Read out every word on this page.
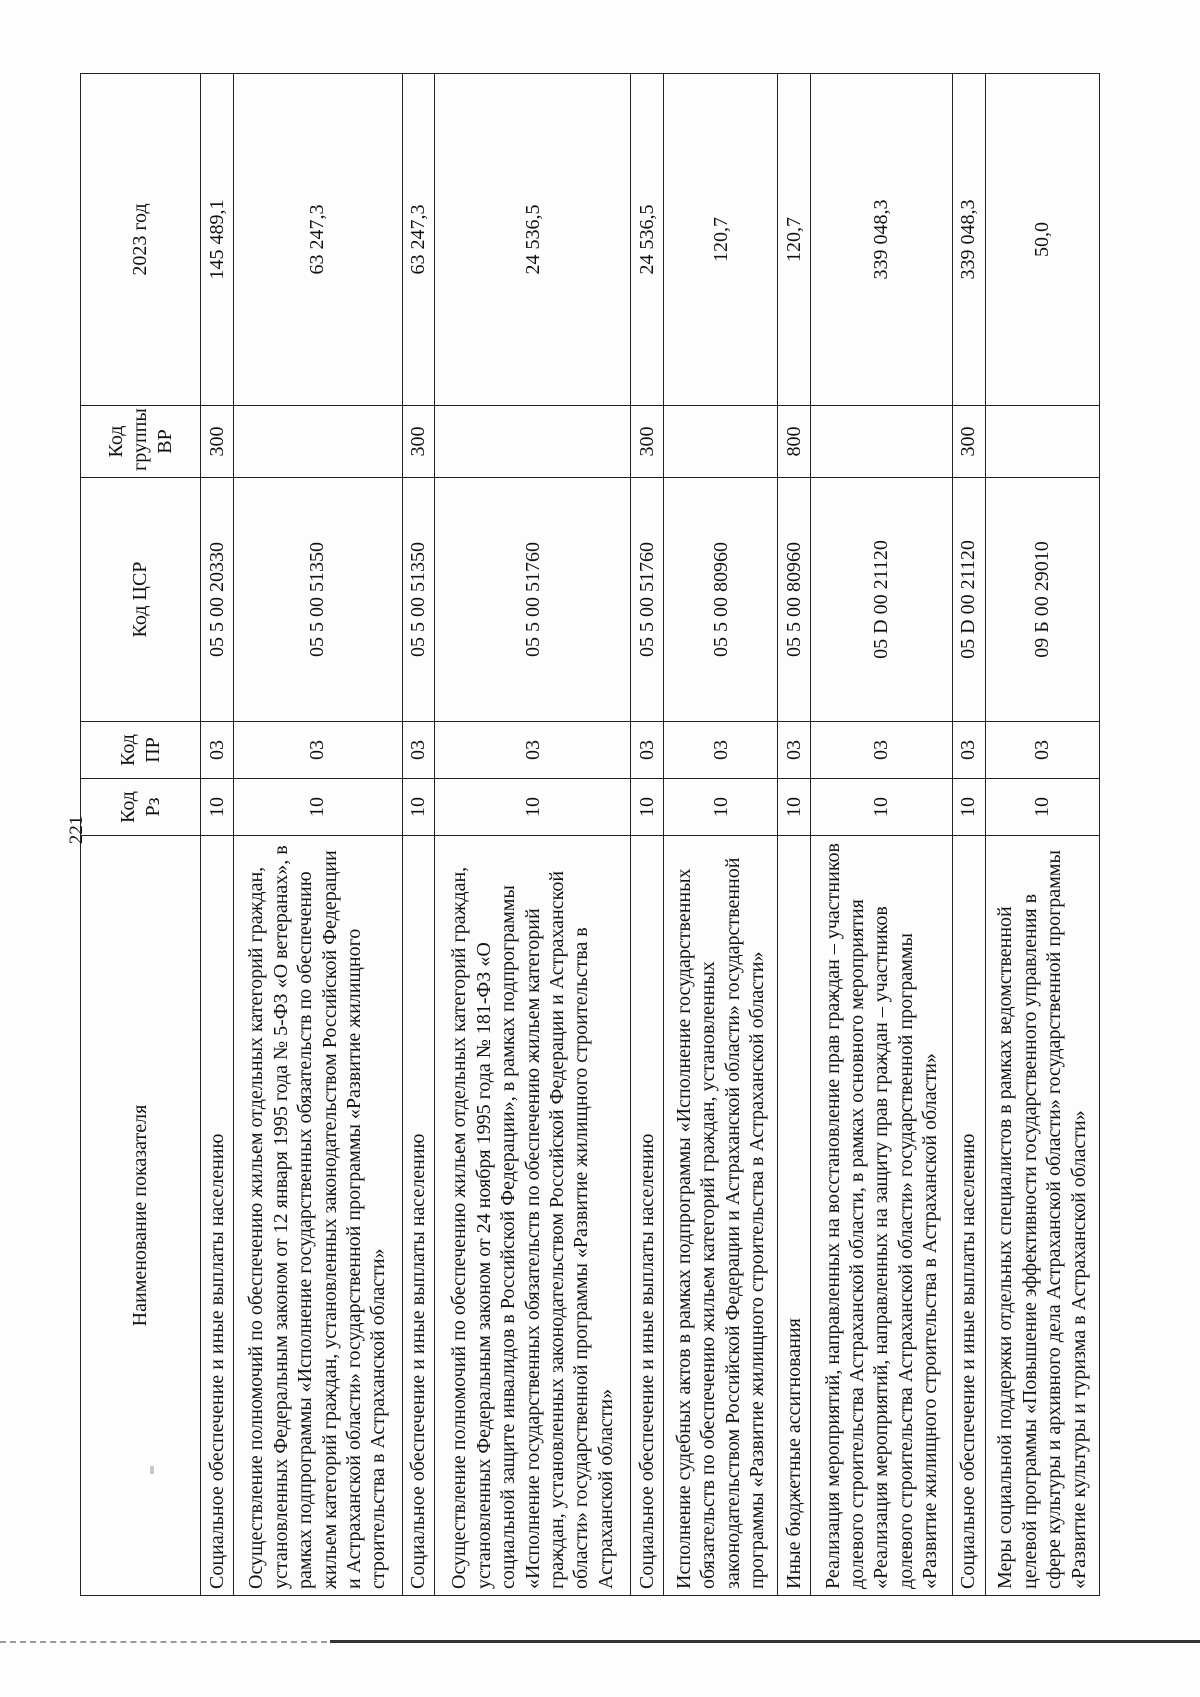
221
Наименование показателя	Код Рз	Код ПР	Код ЦСР	Код группы ВР	2023 год
Социальное обеспечение и иные выплаты населению	10	03	05 5 00 20330	300	145 489,1
Осуществление полномочий по обеспечению жильем отдельных категорий граждан, установленных Федеральным законом от 12 января 1995 года № 5-ФЗ «О ветеранах», в рамках подпрограммы «Исполнение государственных обязательств по обеспечению жильем категорий граждан, установленных законодательством Российской Федерации и Астраханской области» государственной программы «Развитие жилищного строительства в Астраханской области»	10	03	05 5 00 51350		63 247,3
Социальное обеспечение и иные выплаты населению	10	03	05 5 00 51350	300	63 247,3
Осуществление полномочий по обеспечению жильем отдельных категорий граждан, установленных Федеральным законом от 24 ноября 1995 года № 181-ФЗ «О социальной защите инвалидов в Российской Федерации», в рамках подпрограммы «Исполнение государственных обязательств по обеспечению жильем категорий граждан, установленных законодательством Российской Федерации и Астраханской области» государственной программы «Развитие жилищного строительства в Астраханской области»	10	03	05 5 00 51760		24 536,5
Социальное обеспечение и иные выплаты населению	10	03	05 5 00 51760	300	24 536,5
Исполнение судебных актов в рамках подпрограммы «Исполнение государственных обязательств по обеспечению жильем категорий граждан, установленных законодательством Российской Федерации и Астраханской области» государственной программы «Развитие жилищного строительства в Астраханской области»	10	03	05 5 00 80960		120,7
Иные бюджетные ассигнования	10	03	05 5 00 80960	800	120,7
Реализация мероприятий, направленных на восстановление прав граждан – участников долевого строительства Астраханской области, в рамках основного мероприятия «Реализация мероприятий, направленных на защиту прав граждан – участников долевого строительства Астраханской области» государственной программы «Развитие жилищного строительства в Астраханской области»	10	03	05 D 00 21120		339 048,3
Социальное обеспечение и иные выплаты населению	10	03	05 D 00 21120	300	339 048,3
Меры социальной поддержки отдельных специалистов в рамках ведомственной целевой программы «Повышение эффективности государственного управления в сфере культуры и архивного дела Астраханской области» государственной программы «Развитие культуры и туризма в Астраханской области»	10	03	09 Б 00 29010		50,0
